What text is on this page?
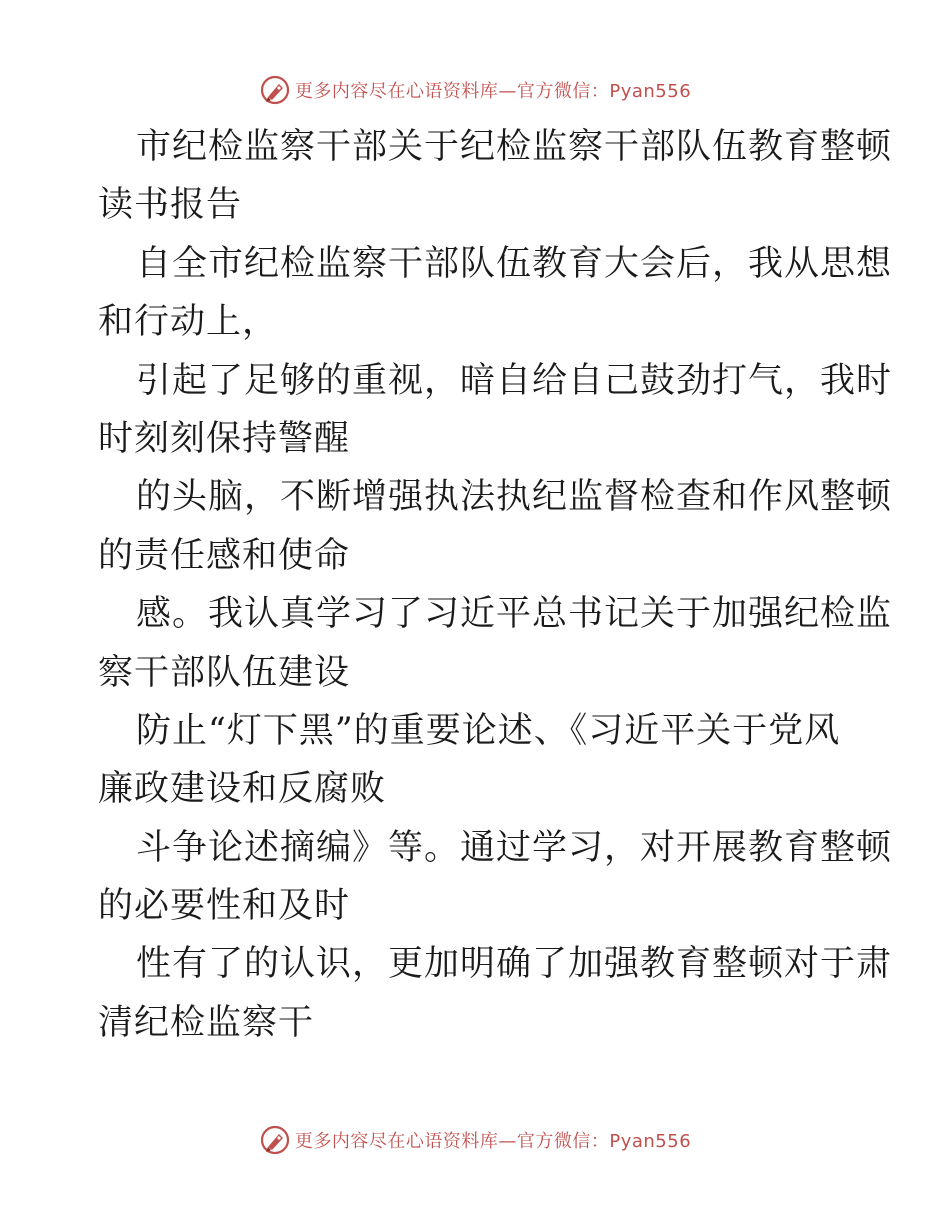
更多内容尽在心语资料库—官方微信：Pyan556
市纪检监察干部关于纪检监察干部队伍教育整顿
读书报告
自全市纪检监察干部队伍教育大会后，我从思想
和行动上，
引起了足够的重视，暗自给自己鼓劲打气，我时
时刻刻保持警醒
的头脑，不断增强执法执纪监督检查和作风整顿
的责任感和使命
感。我认真学习了习近平总书记关于加强纪检监
察干部队伍建设
防止“灯下黑”的重要论述、《习近平关于党风
廉政建设和反腐败
斗争论述摘编》等。通过学习，对开展教育整顿
的必要性和及时
性有了的认识，更加明确了加强教育整顿对于肃
清纪检监察干
更多内容尽在心语资料库—官方微信：Pyan556
